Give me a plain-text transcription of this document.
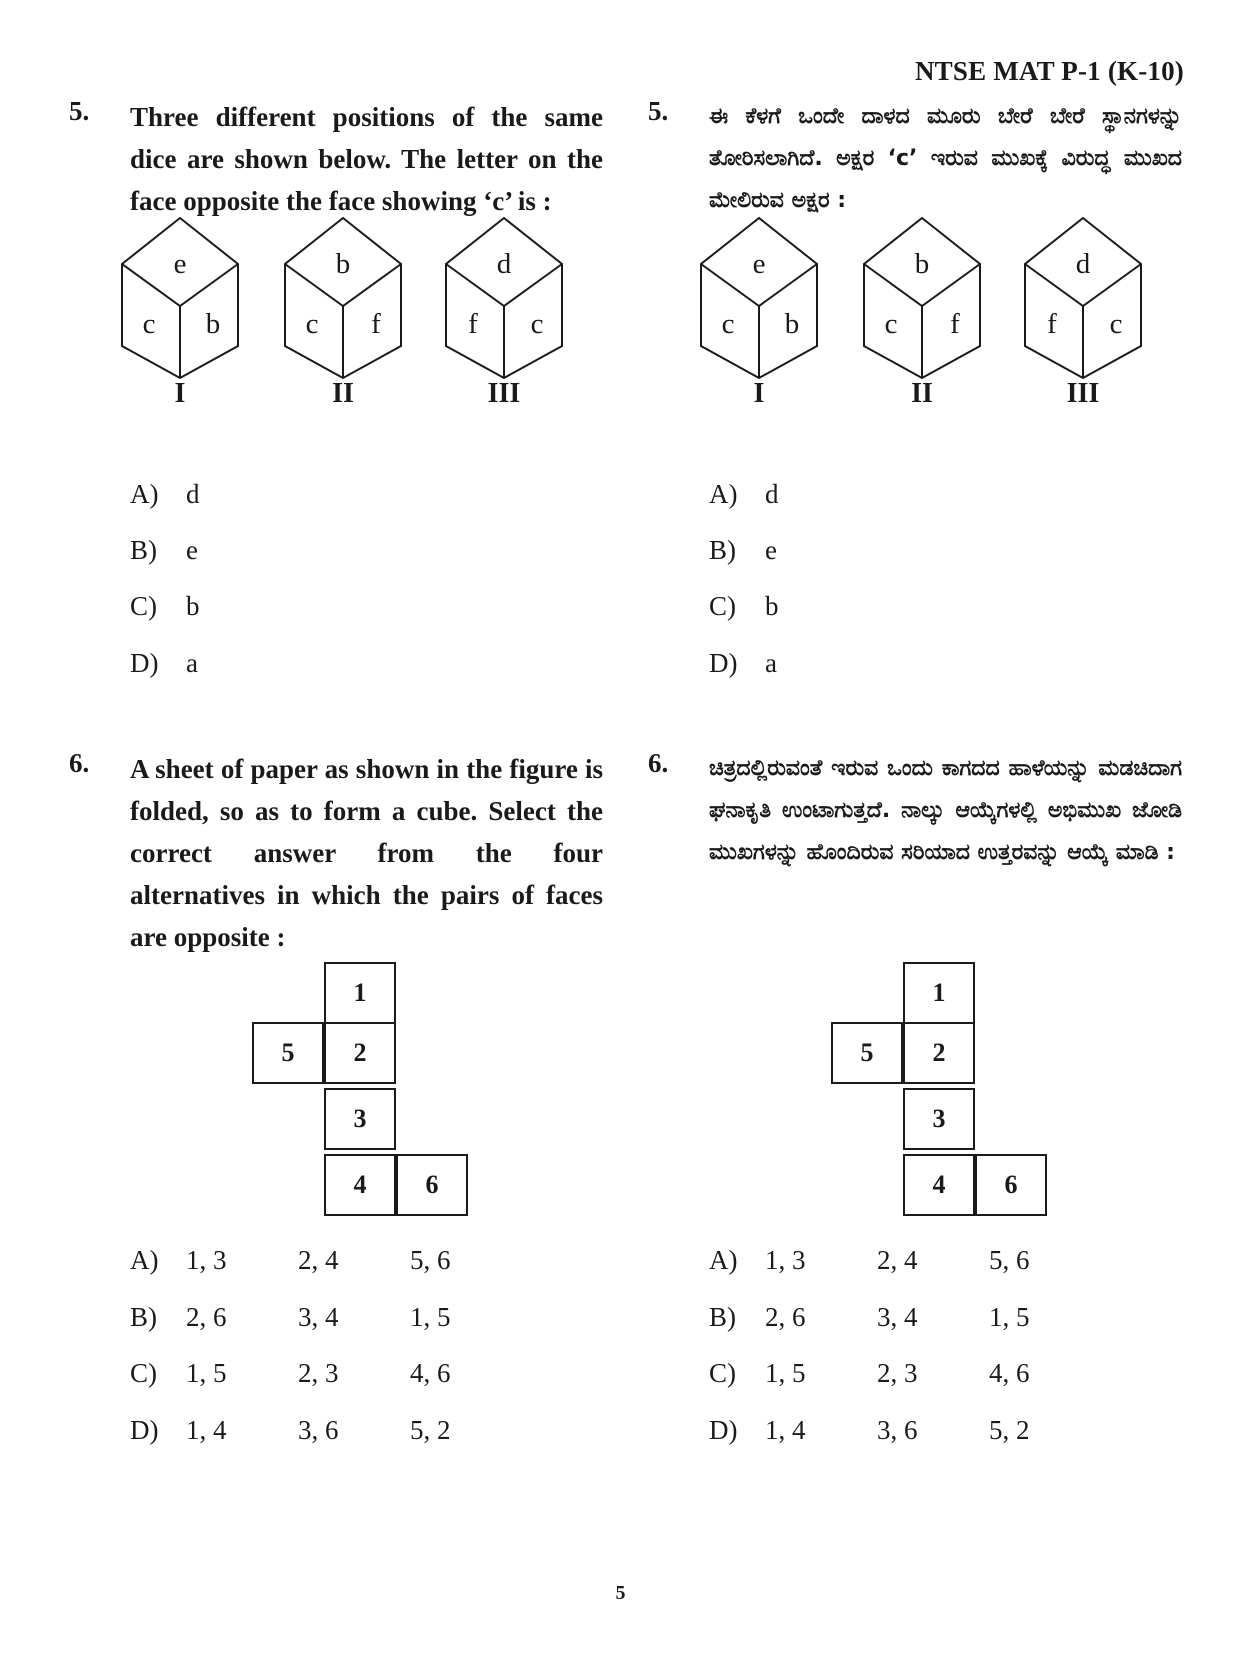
NTSE MAT P-1 (K-10)
5. Three different positions of the same dice are shown below. The letter on the face opposite the face showing ‘c’ is :
e
c b
I
b
c	f
II
d
f	c
III
A)	d
B)	e
C)	b
D)	a
6. A sheet of paper as shown in the figure is folded, so as to form a cube. Select the correct answer from the four alternatives in which the pairs of faces are opposite :
1
5	2
3
4	6
A)	1, 3	2, 4	5, 6
B)	2, 6	3, 4	1, 5
C)	1, 5	2, 3	4, 6
D)	1, 4	3, 6	5, 2
5. ಈ ಕೆಳಗೆ ಒಂದೇ ದಾಳದ ಮೂರು ಬೇರೆ ಬೇರೆ ಸ್ಥಾನಗಳನ್ನು ತೋರಿಸಲಾಗಿದೆ. ಅಕ್ಷರ ‘c’ ಇರುವ ಮುಖಕ್ಕೆ ವಿರುದ್ಧ ಮುಖದ ಮೇಲಿರುವ ಅಕ್ಷರ :
e
c b
I
b
c	f
II
d
f	c
III
A)	d
B)	e
C)	b
D)	a
6. ಚಿತ್ರದಲ್ಲಿರುವಂತೆ ಇರುವ ಒಂದು ಕಾಗದದ ಹಾಳೆಯನ್ನು ಮಡಚಿದಾಗ ಘನಾಕೃತಿ ಉಂಟಾಗುತ್ತದೆ. ನಾಲ್ಕು ಆಯ್ಕೆಗಳಲ್ಲಿ ಅಭಿಮುಖ ಜೋಡಿ ಮುಖಗಳನ್ನು ಹೊಂದಿರುವ ಸರಿಯಾದ ಉತ್ತರವನ್ನು ಆಯ್ಕೆ ಮಾಡಿ :
1
5	2
3
4	6
A)	1, 3	2, 4	5, 6
B)	2, 6	3, 4	1, 5
C)	1, 5	2, 3	4, 6
D)	1, 4	3, 6	5, 2
5
